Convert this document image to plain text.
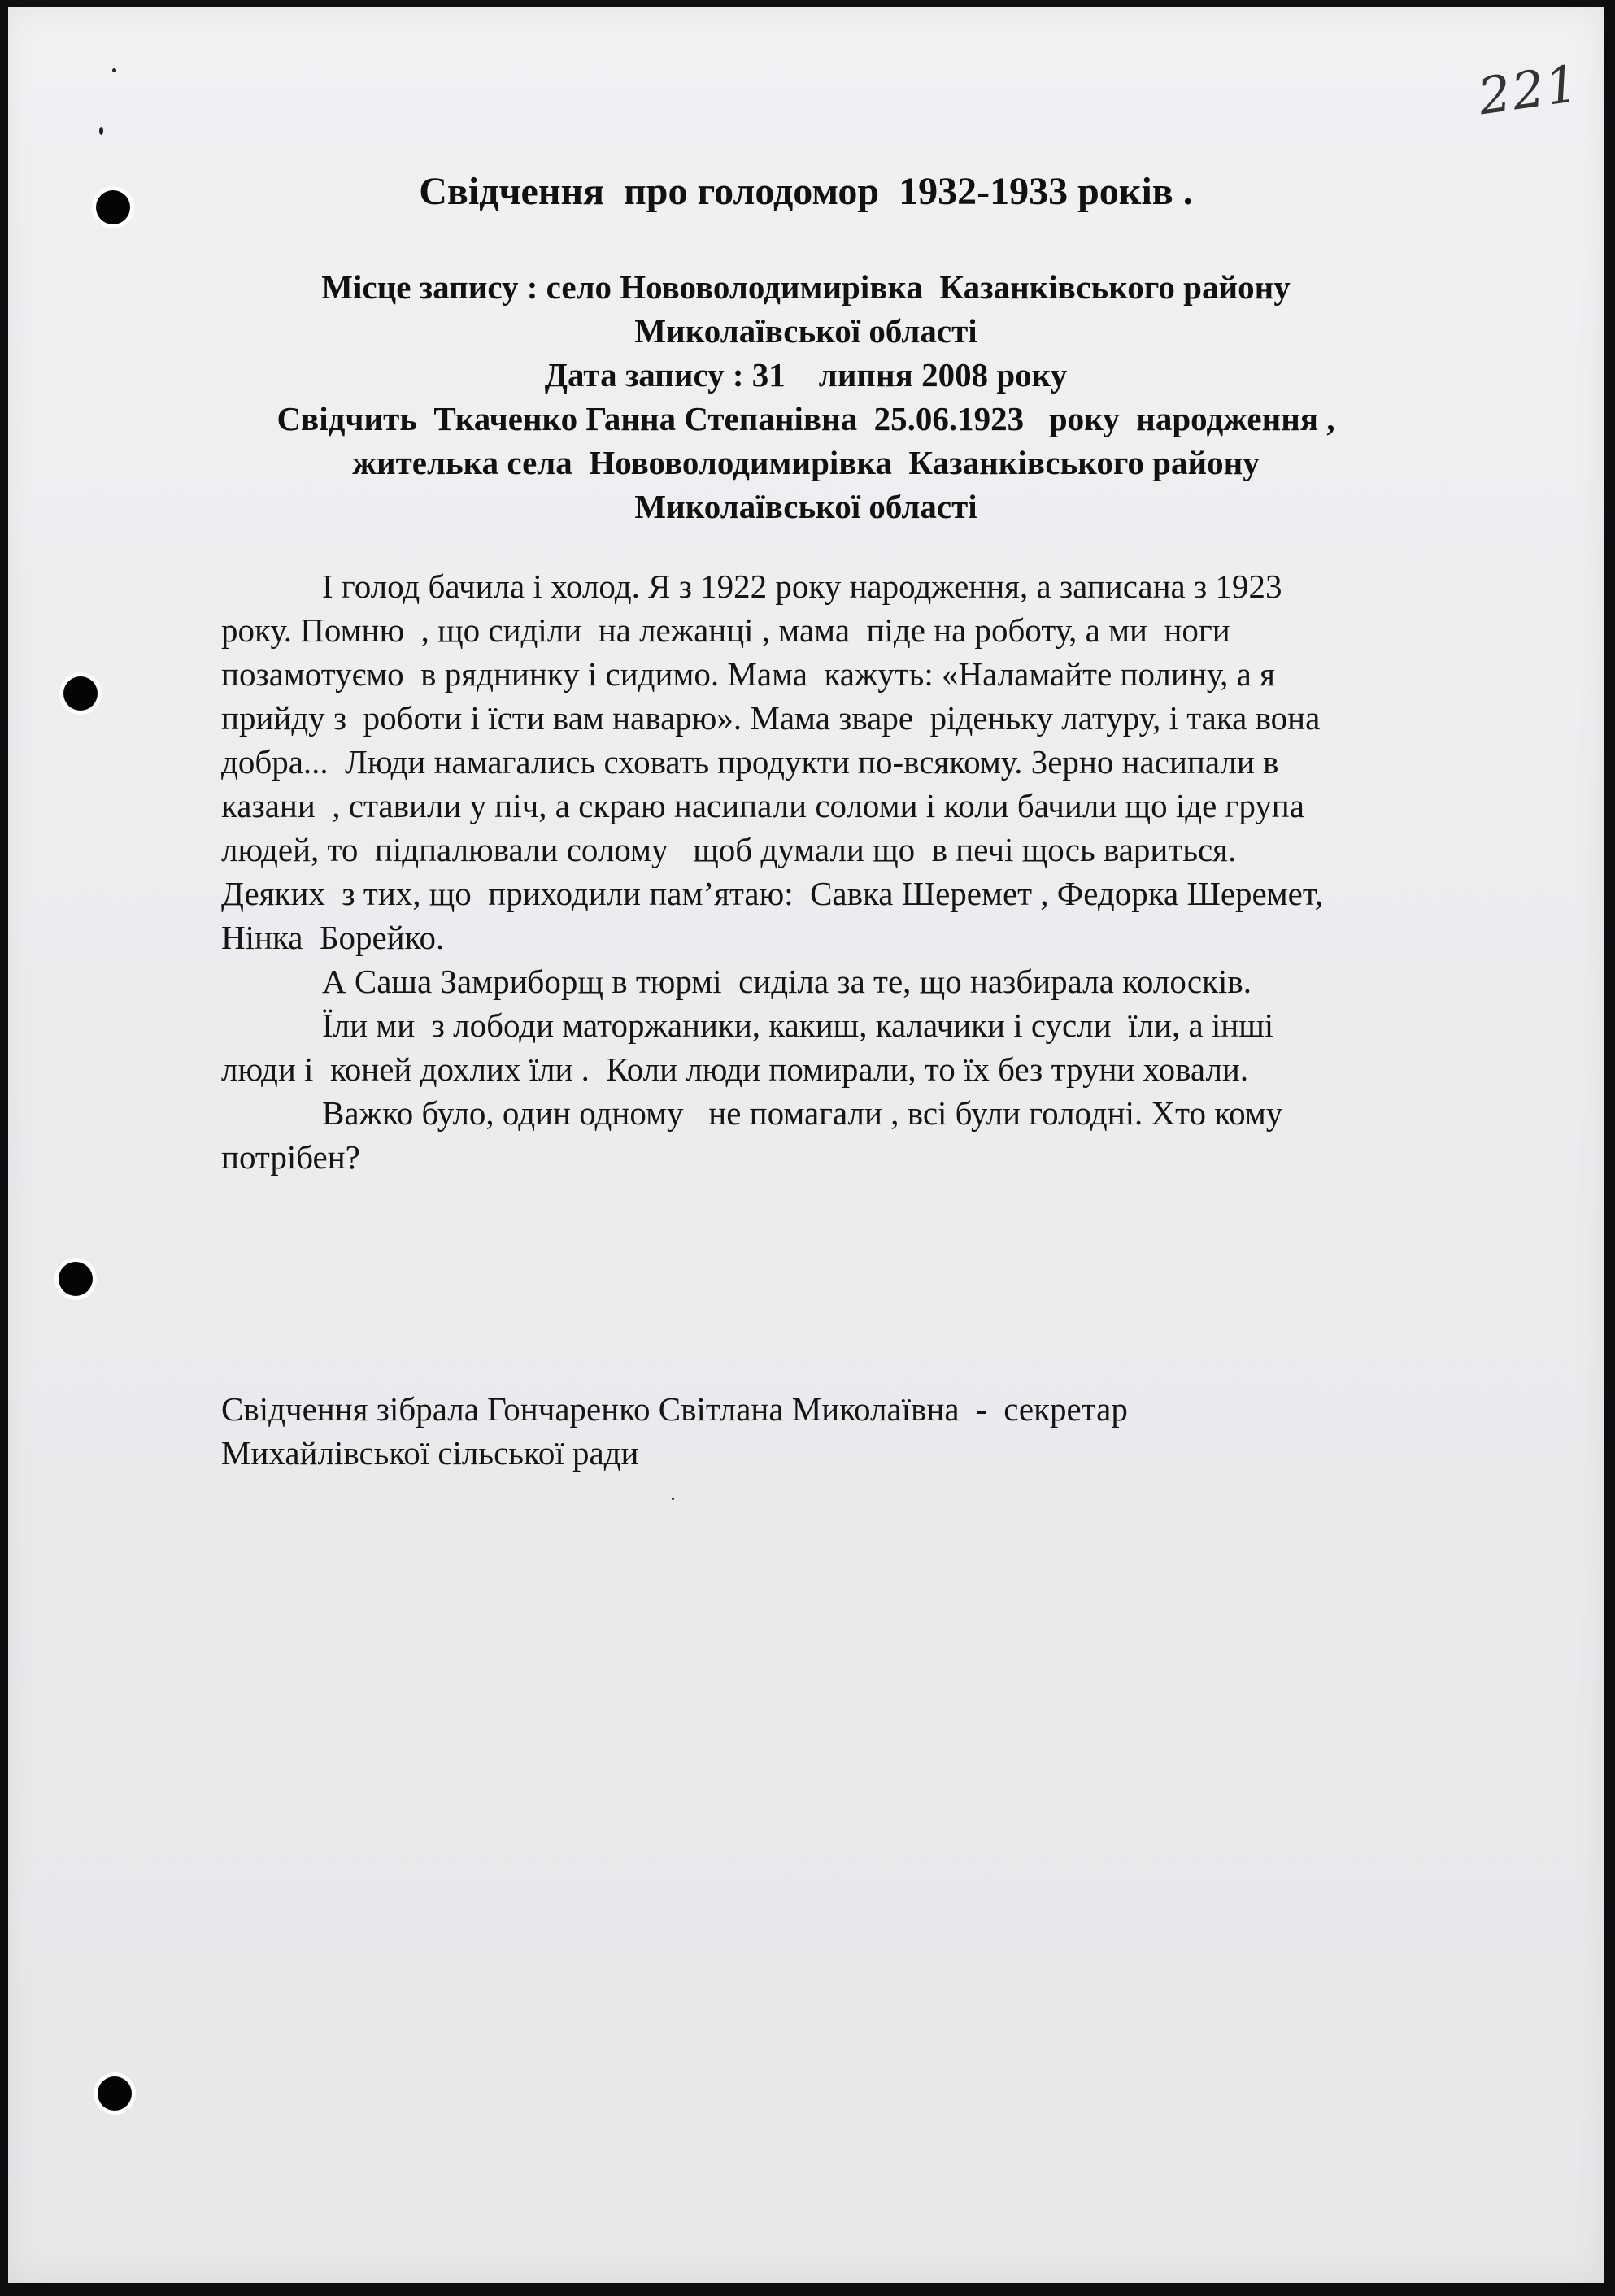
221
Свідчення  про голодомор  1932-1933 років .
Місце запису : село Нововолодимирівка  Казанківського району
Миколаївської області
Дата запису : 31    липня 2008 року
Свідчить  Ткаченко Ганна Степанівна  25.06.1923   року  народження ,
жителька села  Нововолодимирівка  Казанківського району
Миколаївської області
І голод бачила і холод. Я з 1922 року народження, а записана з 1923
року. Помню  , що сиділи  на лежанці , мама  піде на роботу, а ми  ноги
позамотуємо  в ряднинку і сидимо. Мама  кажуть: «Наламайте полину, а я
прийду з  роботи і їсти вам наварю». Мама зваре  ріденьку латуру, і така вона
добра...  Люди намагались сховать продукти по-всякому. Зерно насипали в
казани  , ставили у піч, а скраю насипали соломи і коли бачили що іде група
людей, то  підпалювали солому   щоб думали що  в печі щось вариться.
Деяких  з тих, що  приходили пам’ятаю:  Савка Шеремет , Федорка Шеремет,
Нінка  Борейко.
А Саша Замриборщ в тюрмі  сиділа за те, що назбирала колосків.
Їли ми  з лободи маторжаники, какиш, калачики і сусли  їли, а інші
люди і  коней дохлих їли .  Коли люди помирали, то їх без труни ховали.
Важко було, один одному   не помагали , всі були голодні. Хто кому
потрібен?
Свідчення зібрала Гончаренко Світлана Миколаївна  -  секретар
Михайлівської сільської ради
